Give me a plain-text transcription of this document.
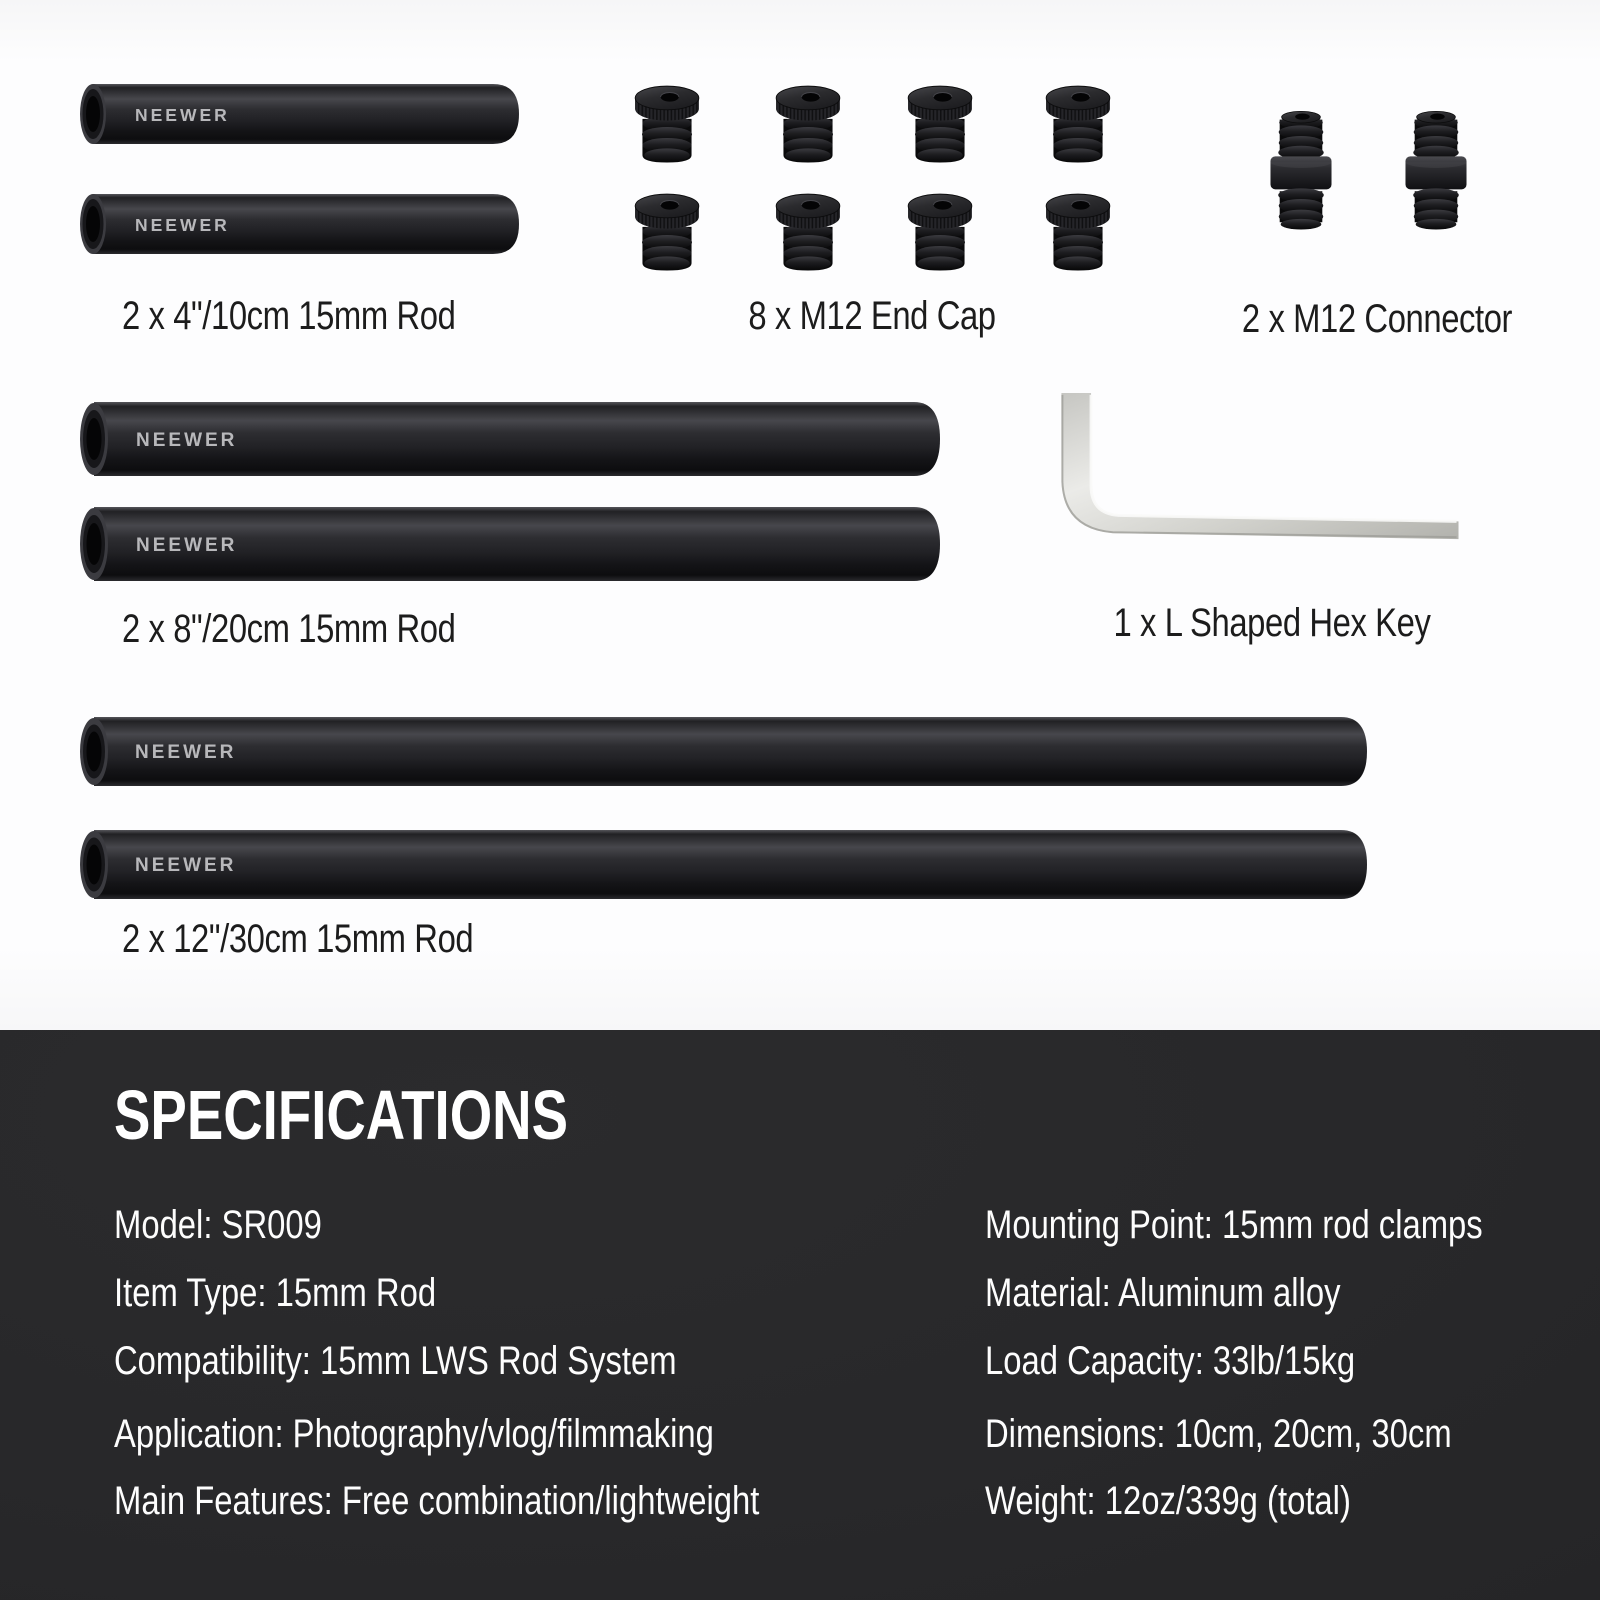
NEEWER
NEEWER
2 x 4"/10cm 15mm Rod	8 x M12 End Cap	2 x M12 Connector
NEEWER
NEEWER
2 x 8"/20cm 15mm Rod	1 x L Shaped Hex Key
NEEWER
NEEWER
2 x 12"/30cm 15mm Rod
SPECIFICATIONS
Model: SR009
Item Type: 15mm Rod
Compatibility: 15mm LWS Rod System
Application: Photography/vlog/filmmaking
Main Features: Free combination/lightweight
Mounting Point: 15mm rod clamps
Material: Aluminum alloy
Load Capacity: 33lb/15kg
Dimensions: 10cm, 20cm, 30cm
Weight: 12oz/339g (total)
